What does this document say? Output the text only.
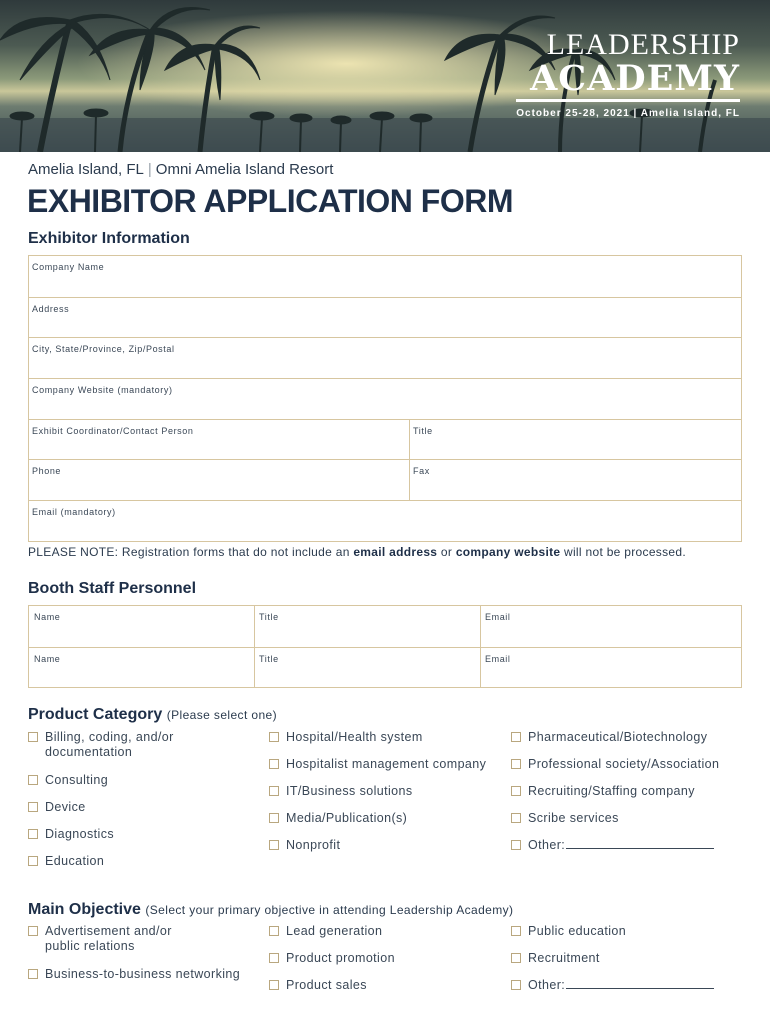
LEADERSHIP
ACADEMY
October 25-28, 2021 | Amelia Island, FL
Amelia Island, FL | Omni Amelia Island Resort
EXHIBITOR APPLICATION FORM
Exhibitor Information
Company Name
Address
City, State/Province, Zip/Postal
Company Website (mandatory)
Exhibit Coordinator/Contact Person	Title
Phone	Fax
Email (mandatory)
PLEASE NOTE: Registration forms that do not include an email address or company website will not be processed.
Booth Staff Personnel
Name	Title	Email
Name	Title	Email
Product Category (Please select one)
Billing, coding, and/or
documentation
Consulting
Device
Diagnostics
Education
Hospital/Health system
Hospitalist management company
IT/Business solutions
Media/Publication(s)
Nonprofit
Pharmaceutical/Biotechnology
Professional society/Association
Recruiting/Staffing company
Scribe services
Other:
Main Objective (Select your primary objective in attending Leadership Academy)
Advertisement and/or
public relations
Business-to-business networking
Lead generation
Product promotion
Product sales
Public education
Recruitment
Other:
